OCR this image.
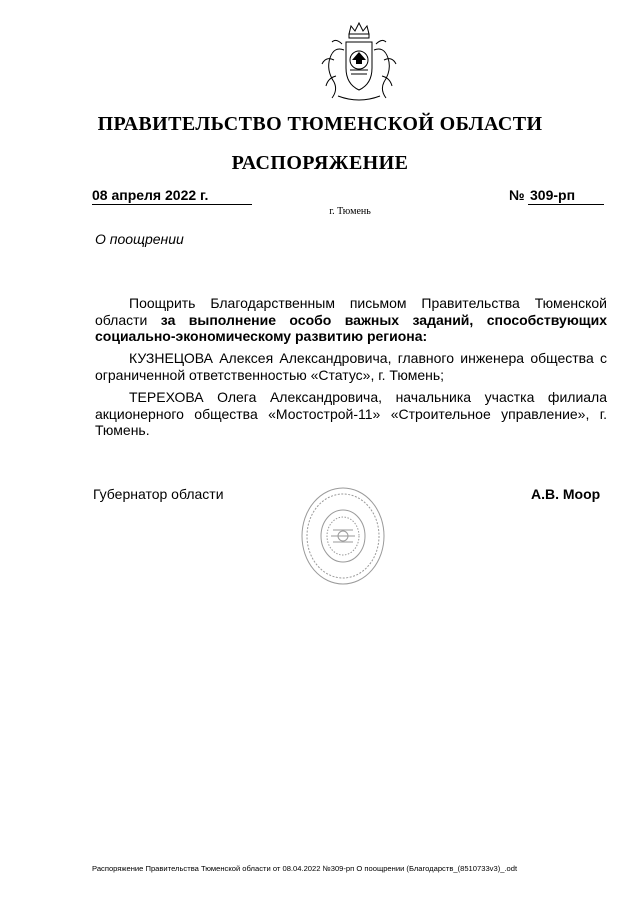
ПРАВИТЕЛЬСТВО ТЮМЕНСКОЙ ОБЛАСТИ
РАСПОРЯЖЕНИЕ
08 апреля 2022 г.	№ 309-рп
г. Тюмень
О поощрении
Поощрить Благодарственным письмом Правительства Тюменской области за выполнение особо важных заданий, способствующих социально-экономическому развитию региона:
КУЗНЕЦОВА Алексея Александровича, главного инженера общества с ограниченной ответственностью «Статус», г. Тюмень;
ТЕРЕХОВА Олега Александровича, начальника участка филиала акционерного общества «Мостострой-11» «Строительное управление», г. Тюмень.
Губернатор области	А.В. Моор
Распоряжение Правительства Тюменской области от 08.04.2022 №309-рп О поощрении (Благодарств_(8510733v3)_.odt
